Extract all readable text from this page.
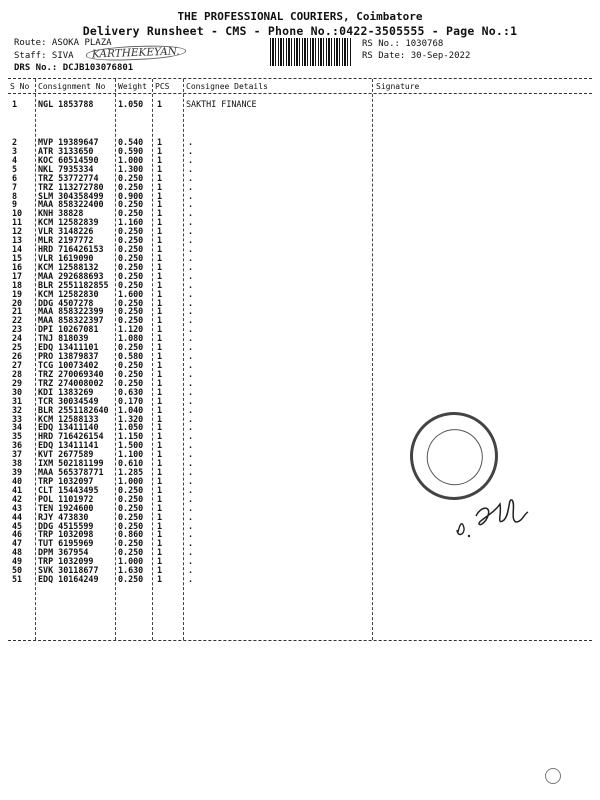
THE PROFESSIONAL COURIERS, Coimbatore
Delivery Runsheet - CMS - Phone No.:0422-3505555 - Page No.:1
Route: ASOKA PLAZA
Staff: SIVA	KARTHEKEYAN.
DRS No.: DCJB103076801
RS No.: 1030768
RS Date: 30-Sep-2022
S No Consignment No Weight PCS Consignee Details	Signature
1 NGL 1853788	1.050 1	SAKTHI FINANCE
2 MVP 19389647 0.540 1	.
3 ATR 3133650	0.590 1	.
4 KOC 60514590 1.000 1	.
5 NKL 7935334	1.300 1	.
6 TRZ 53772774 0.250 1	.
7 TRZ 113272780 0.250 1	.
8 SLM 304358499 0.900 1	.
9 MAA 858322400 0.250 1	.
10 KNH 38828	0.250 1	.
11 KCM 12582839 1.160 1	.
12 VLR 3148226	0.250 1	.
13 MLR 2197772	0.250 1	.
14 HRD 716426153 0.250 1	.
15 VLR 1619090	0.250 1	.
16 KCM 12588132 0.250 1	.
17 MAA 292688693 0.250 1	.
18 BLR 2551182855 0.250 1	.
19 KCM 12582830 1.600 1	.
20 DDG 4507278	0.250 1	.
21 MAA 858322399 0.250 1	.
22 MAA 858322397 0.250 1	.
23 DPI 10267081 1.120 1	.
24 TNJ 818039	1.080 1	.
25 EDQ 13411101 0.250 1	.
26 PRO 13879837 0.580 1	.
27 TCG 10073402 0.250 1	.
28 TRZ 270069340 0.250 1	.
29 TRZ 274008002 0.250 1	.
30 KDI 1383269	0.630 1	.
31 TCR 30034549 0.170 1	.
32 BLR 2551182640 1.040 1	.
33 KCM 12588133 1.320 1	.
34 EDQ 13411140 1.050 1	.
35 HRD 716426154 1.150 1	.
36 EDQ 13411141 1.500 1	.
37 KVT 2677589	1.100 1	.
38 IXM 502181199 0.610 1	.
39 MAA 565378771 1.285 1	.
40 TRP 1032097	1.000 1	.
41 CLT 15443495 0.250 1	.
42 POL 1101972	0.250 1	.
43 TEN 1924600	0.250 1	.
44 RJY 473830	0.250 1	.
45 DDG 4515599	0.250 1	.
46 TRP 1032098	0.860 1	.
47 TUT 6195969	0.250 1	.
48 DPM 367954	0.250 1	.
49 TRP 1032099	1.000 1	.
50 SVK 30118677 1.630 1	.
51 EDQ 10164249 0.250 1	.
